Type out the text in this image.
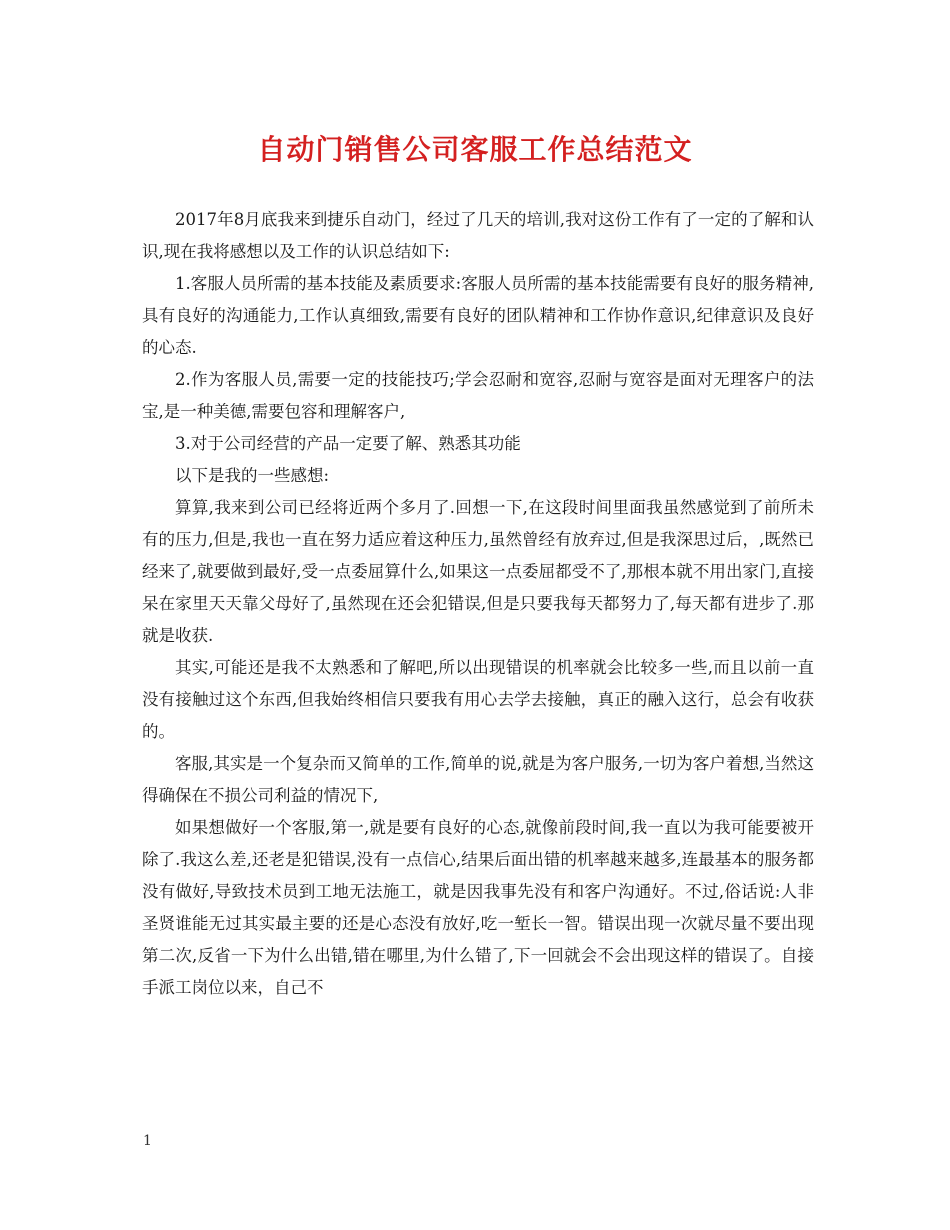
自动门销售公司客服工作总结范文

2017年8月底我来到捷乐自动门，经过了几天的培训,我对这份工作有了一定的了解和认识,现在我将感想以及工作的认识总结如下:

1.客服人员所需的基本技能及素质要求:客服人员所需的基本技能需要有良好的服务精神,具有良好的沟通能力,工作认真细致,需要有良好的团队精神和工作协作意识,纪律意识及良好的心态.

2.作为客服人员,需要一定的技能技巧;学会忍耐和宽容,忍耐与宽容是面对无理客户的法宝,是一种美德,需要包容和理解客户,

3.对于公司经营的产品一定要了解、熟悉其功能

以下是我的一些感想:

算算,我来到公司已经将近两个多月了.回想一下,在这段时间里面我虽然感觉到了前所未有的压力,但是,我也一直在努力适应着这种压力,虽然曾经有放弃过,但是我深思过后，,既然已经来了,就要做到最好,受一点委屈算什么,如果这一点委屈都受不了,那根本就不用出家门,直接呆在家里天天靠父母好了,虽然现在还会犯错误,但是只要我每天都努力了,每天都有进步了.那就是收获.

其实,可能还是我不太熟悉和了解吧,所以出现错误的机率就会比较多一些,而且以前一直没有接触过这个东西,但我始终相信只要我有用心去学去接触，真正的融入这行，总会有收获的。

客服,其实是一个复杂而又简单的工作,简单的说,就是为客户服务,一切为客户着想,当然这得确保在不损公司利益的情况下,

如果想做好一个客服,第一,就是要有良好的心态,就像前段时间,我一直以为我可能要被开除了.我这么差,还老是犯错误,没有一点信心,结果后面出错的机率越来越多,连最基本的服务都没有做好,导致技术员到工地无法施工，就是因我事先没有和客户沟通好。不过,俗话说:人非圣贤谁能无过其实最主要的还是心态没有放好,吃一堑长一智。错误出现一次就尽量不要出现第二次,反省一下为什么出错,错在哪里,为什么错了,下一回就会不会出现这样的错误了。自接手派工岗位以来，自己不

1
